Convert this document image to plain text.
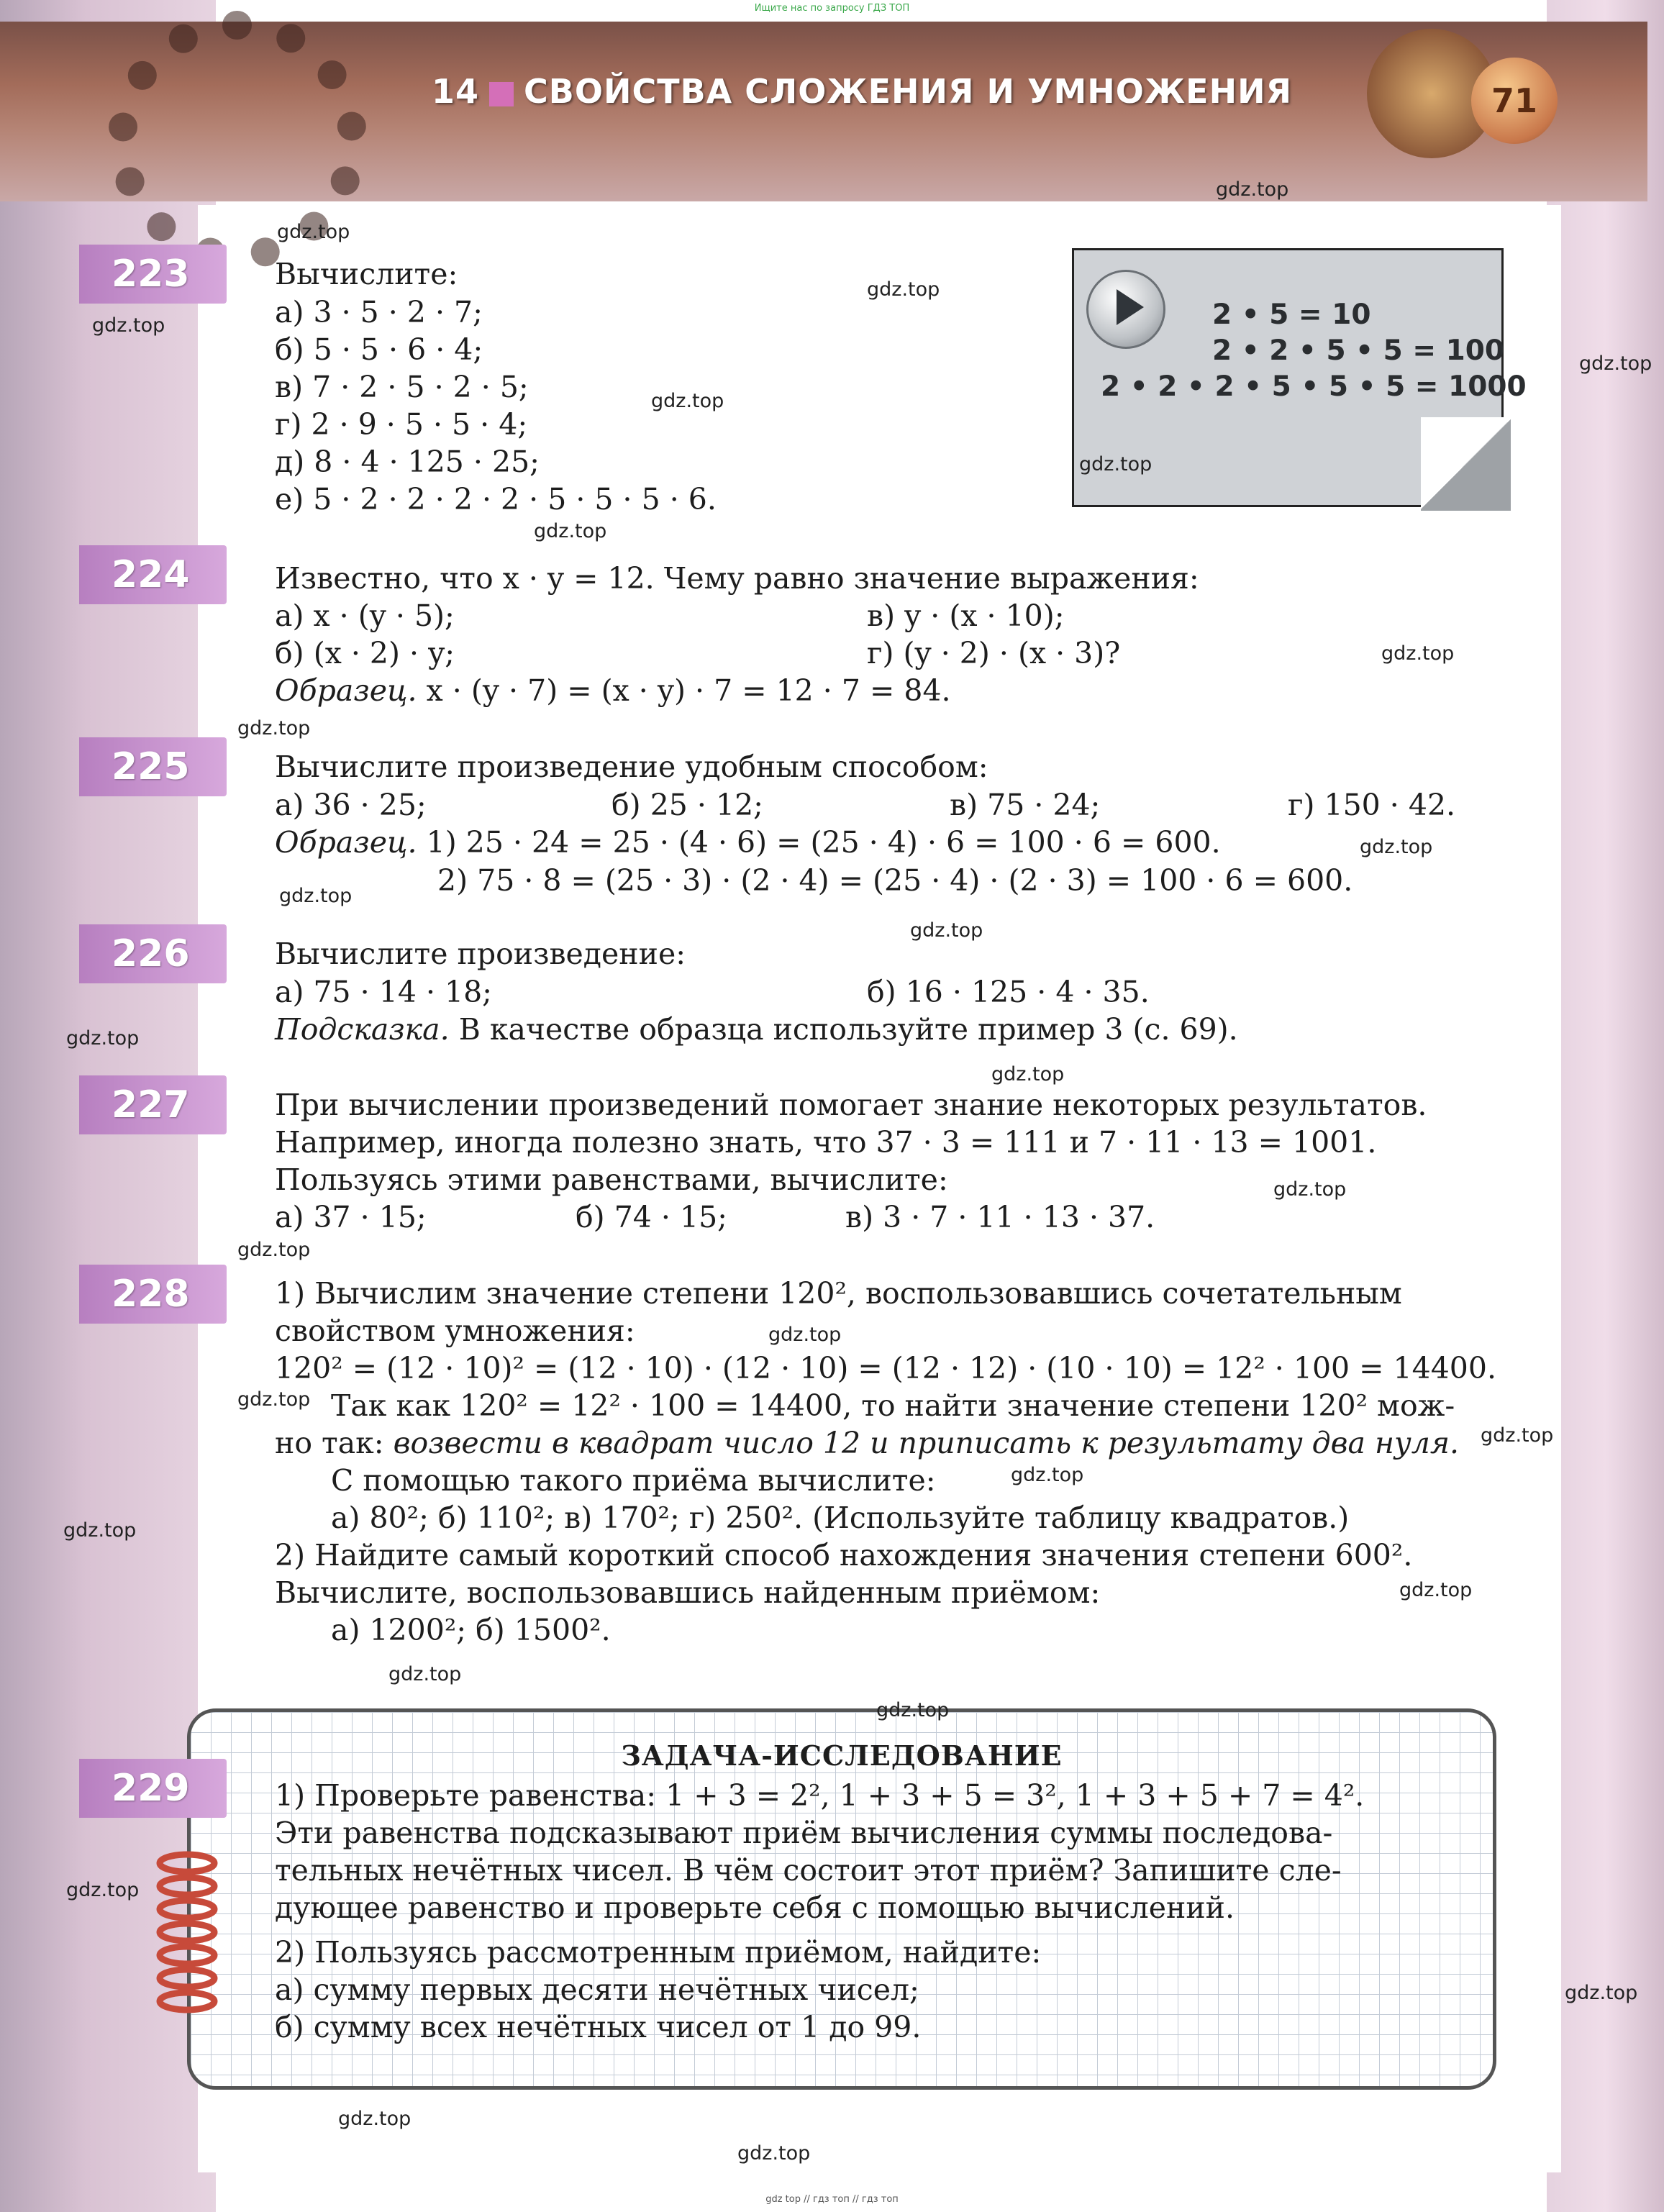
Ищите нас по запросу ГДЗ ТОП
14 СВОЙСТВА СЛОЖЕНИЯ И УМНОЖЕНИЯ	71
2 • 5 = 10
2 • 2 • 5 • 5 = 100
2 • 2 • 2 • 5 • 5 • 5 = 1000
223	Вычислите:
а) 3 · 5 · 2 · 7;
б) 5 · 5 · 6 · 4;
в) 7 · 2 · 5 · 2 · 5;
г) 2 · 9 · 5 · 5 · 4;
д) 8 · 4 · 125 · 25;
е) 5 · 2 · 2 · 2 · 2 · 5 · 5 · 5 · 6.
224	Известно, что x · y = 12. Чему равно значение выражения:
а) x · (y · 5);	в) y · (x · 10);
б) (x · 2) · y;	г) (y · 2) · (x · 3)?
Образец. x · (y · 7) = (x · y) · 7 = 12 · 7 = 84.
225	Вычислите произведение удобным способом:
а) 36 · 25;	б) 25 · 12;	в) 75 · 24;	г) 150 · 42.
Образец. 1) 25 · 24 = 25 · (4 · 6) = (25 · 4) · 6 = 100 · 6 = 600.
2) 75 · 8 = (25 · 3) · (2 · 4) = (25 · 4) · (2 · 3) = 100 · 6 = 600.
226	Вычислите произведение:
а) 75 · 14 · 18;	б) 16 · 125 · 4 · 35.
Подсказка. В качестве образца используйте пример 3 (с. 69).
227	При вычислении произведений помогает знание некоторых результатов.
Например, иногда полезно знать, что 37 · 3 = 111 и 7 · 11 · 13 = 1001.
Пользуясь этими равенствами, вычислите:
а) 37 · 15;	б) 74 · 15;	в) 3 · 7 · 11 · 13 · 37.
228	1) Вычислим значение степени 120², воспользовавшись сочетательным
свойством умножения:
120² = (12 · 10)² = (12 · 10) · (12 · 10) = (12 · 12) · (10 · 10) = 12² · 100 = 14400.
Так как 120² = 12² · 100 = 14400, то найти значение степени 120² мож-
но так: возвести в квадрат число 12 и приписать к результату два нуля.
С помощью такого приёма вычислите:
а) 80²; б) 110²; в) 170²; г) 250². (Используйте таблицу квадратов.)
2) Найдите самый короткий способ нахождения значения степени 600².
Вычислите, воспользовавшись найденным приёмом:
а) 1200²; б) 1500².
229
ЗАДАЧА-ИССЛЕДОВАНИЕ
1) Проверьте равенства: 1 + 3 = 2², 1 + 3 + 5 = 3², 1 + 3 + 5 + 7 = 4².
Эти равенства подсказывают приём вычисления суммы последова-
тельных нечётных чисел. В чём состоит этот приём? Запишите сле-
дующее равенство и проверьте себя с помощью вычислений.
2) Пользуясь рассмотренным приёмом, найдите:
а) сумму первых десяти нечётных чисел;
б) сумму всех нечётных чисел от 1 до 99.
gdz.top
gdz.top
gdz.top
gdz.top
gdz.top
gdz.top
gdz.top
gdz.top
gdz.top
gdz.top
gdz.top
gdz.top
gdz.top
gdz.top
gdz.top
gdz.top
gdz.top
gdz.top
gdz.top
gdz.top
gdz.top
gdz.top
gdz.top
gdz.top
gdz.top
gdz.top
gdz.top
gdz.top
gdz.top
gdz top // гдз топ // гдз топ
